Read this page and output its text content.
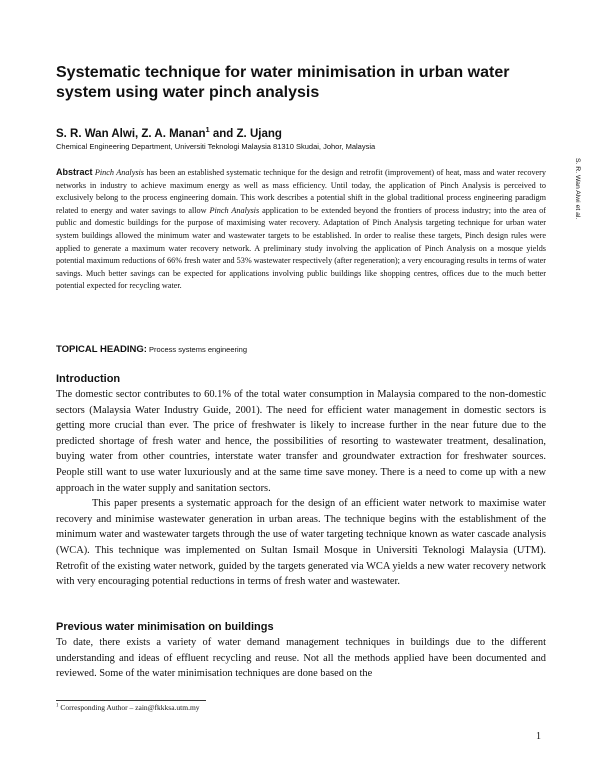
Systematic technique for water minimisation in urban water system using water pinch analysis
S. R. Wan Alwi, Z. A. Manan$^1$ and Z. Ujang
Chemical Engineering Department, Universiti Teknologi Malaysia 81310 Skudai, Johor, Malaysia
S. R. Wan Alwi et al.
Abstract Pinch Analysis has been an established systematic technique for the design and retrofit (improvement) of heat, mass and water recovery networks in industry to achieve maximum energy as well as mass efficiency. Until today, the application of Pinch Analysis is perceived to exclusively belong to the process engineering domain. This work describes a potential shift in the global traditional process engineering paradigm related to energy and water savings to allow Pinch Analysis application to be extended beyond the frontiers of process industry; into the area of public and domestic buildings for the purpose of maximising water recovery. Adaptation of Pinch Analysis targeting technique for urban water system buildings allowed the minimum water and wastewater targets to be established. In order to realise these targets, Pinch design rules were applied to generate a maximum water recovery network. A preliminary study involving the application of Pinch Analysis on a mosque yields potential maximum reductions of 66% fresh water and 53% wastewater respectively (after regeneration); a very encouraging results in terms of water savings. Much better savings can be expected for applications involving public buildings like shopping centres, offices due to the much better potential expected for recycling water.
TOPICAL HEADING: Process systems engineering
Introduction

The domestic sector contributes to 60.1% of the total water consumption in Malaysia compared to the non-domestic sectors (Malaysia Water Industry Guide, 2001). The need for efficient water management in domestic sectors is getting more crucial than ever. The price of freshwater is likely to increase further in the near future due to the predicted shortage of fresh water and hence, the possibilities of resorting to wastewater treatment, desalination, buying water from other countries, interstate water transfer and groundwater extraction for freshwater sources. People still want to use water luxuriously and at the same time save money. There is a need to come up with a new approach in the water supply and sanitation sectors.

This paper presents a systematic approach for the design of an efficient water network to maximise water recovery and minimise wastewater generation in urban areas. The technique begins with the establishment of the minimum water and wastewater targets through the use of water targeting technique known as water cascade analysis (WCA). This technique was implemented on Sultan Ismail Mosque in Universiti Teknologi Malaysia (UTM). Retrofit of the existing water network, guided by the targets generated via WCA yields a new water recovery network with very encouraging potential reductions in terms of fresh water and wastewater.

Previous water minimisation on buildings

To date, there exists a variety of water demand management techniques in buildings due to the different understanding and ideas of effluent recycling and reuse. Not all the methods applied have been documented and reviewed. Some of the water minimisation techniques are done based on the

$^1$ Corresponding Author – zain@fkkksa.utm.my
1
